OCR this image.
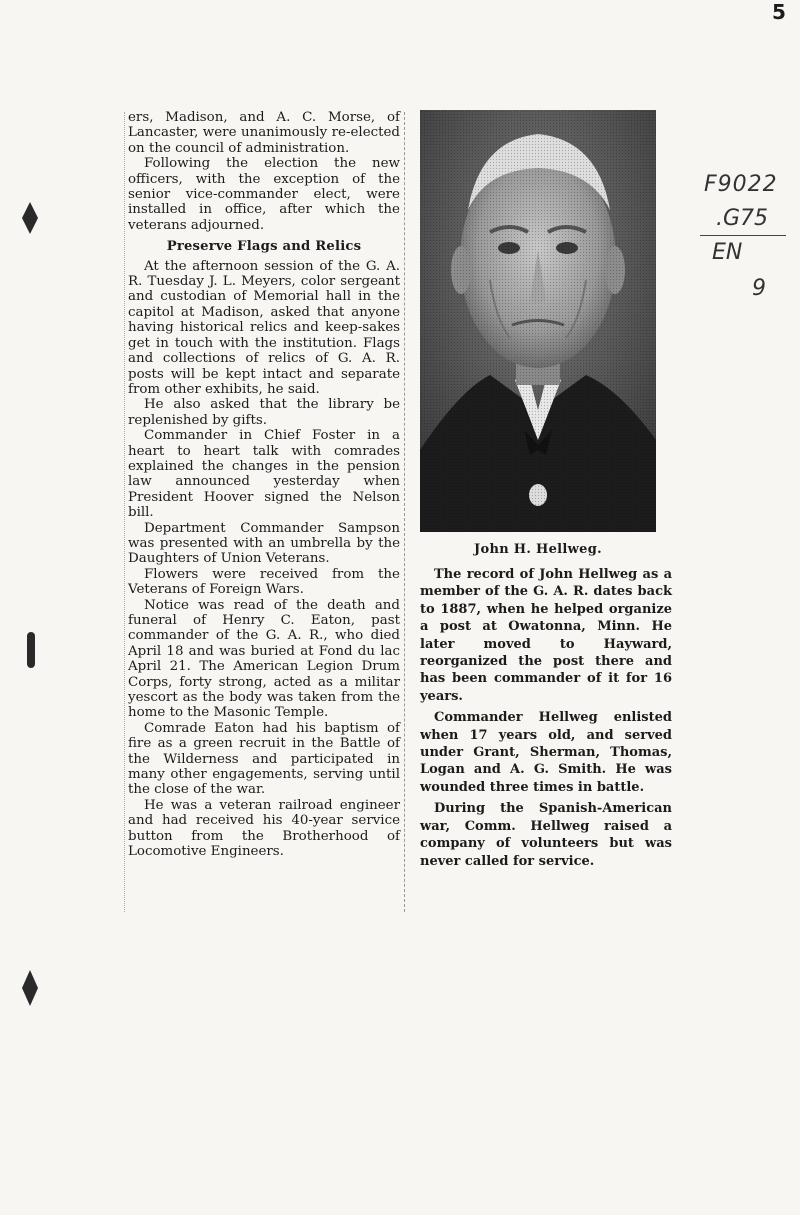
5

ers, Madison, and A. C. Morse, of Lancaster, were unanimously re-elected on the council of administration.

Following the election the new officers, with the exception of the senior vice-commander elect, were installed in office, after which the veterans adjourned.

Preserve Flags and Relics

At the afternoon session of the G. A. R. Tuesday J. L. Meyers, color sergeant and custodian of Memorial hall in the capitol at Madison, asked that anyone having historical relics and keep-sakes get in touch with the institution. Flags and collections of relics of G. A. R. posts will be kept intact and separate from other exhibits, he said.

He also asked that the library be replenished by gifts.

Commander in Chief Foster in a heart to heart talk with comrades explained the changes in the pension law announced yesterday when President Hoover signed the Nelson bill.

Department Commander Sampson was presented with an umbrella by the Daughters of Union Veterans.

Flowers were received from the Veterans of Foreign Wars.

Notice was read of the death and funeral of Henry C. Eaton, past commander of the G. A. R., who died April 18 and was buried at Fond du lac April 21. The American Legion Drum Corps, forty strong, acted as a militar yescort as the body was taken from the home to the Masonic Temple.

Comrade Eaton had his baptism of fire as a green recruit in the Battle of the Wilderness and participated in many other engagements, serving until the close of the war.

He was a veteran railroad engineer and had received his 40-year service button from the Brotherhood of Locomotive Engineers.

John H. Hellweg.

The record of John Hellweg as a member of the G. A. R. dates back to 1887, when he helped organize a post at Owatonna, Minn. He later moved to Hayward, reorganized the post there and has been commander of it for 16 years.

Commander Hellweg enlisted when 17 years old, and served under Grant, Sherman, Thomas, Logan and A. G. Smith. He was wounded three times in battle.

During the Spanish-American war, Comm. Hellweg raised a company of volunteers but was never called for service.

F9022
.G75
EN
9
